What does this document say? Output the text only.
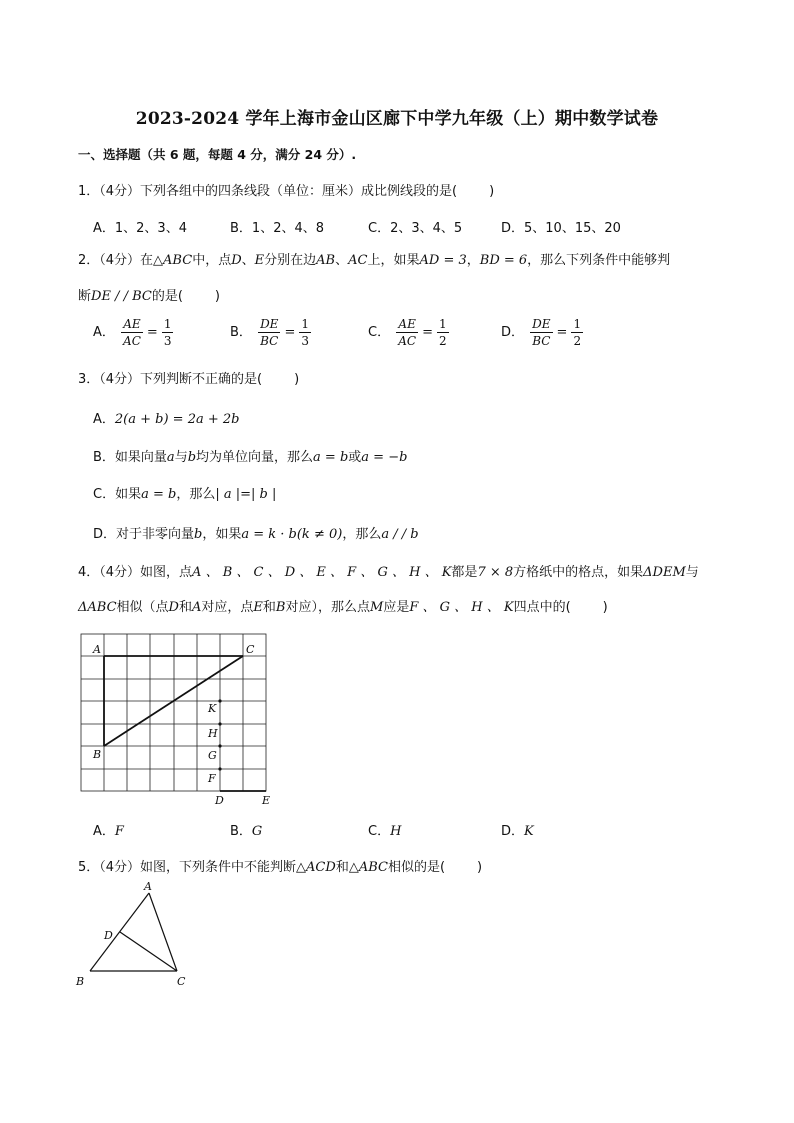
2023-2024 学年上海市金山区廊下中学九年级（上）期中数学试卷
一、选择题（共 6 题，每题 4 分，满分 24 分）.
1．（4分）下列各组中的四条线段（单位：厘米）成比例线段的是( )
A．1、2、3、4	B．1、2、4、8	C．2、3、4、5	D．5、10、15、20
2．（4分）在△ABC中，点D、E分别在边AB、AC上，如果AD = 3，BD = 6，那么下列条件中能够判
断DE / / BC的是( )
A． $\frac{AE}{AC} = \frac{1}{3}$	B． $\frac{DE}{BC} = \frac{1}{3}$	C． $\frac{AE}{AC} = \frac{1}{2}$	D． $\frac{DE}{BC} = \frac{1}{2}$
3．（4分）下列判断不正确的是( )
A．2(a + b) = 2a + 2b
B．如果向量a与b均为单位向量，那么a = b或a = −b
C．如果a = b，那么| a |=| b |
D．对于非零向量b，如果a = k · b(k ≠ 0)，那么a / / b
4．（4分）如图，点A 、 B 、 C 、 D 、 E 、 F 、 G 、 H 、 K都是7 × 8方格纸中的格点，如果ΔDEM与
ΔABC相似（点D和A对应，点E和B对应），那么点M应是F 、 G 、 H 、 K四点中的( )
A	C
B
K
H
G
F
D	E
A．F	B．G	C．H	D．K
5．（4分）如图，下列条件中不能判断△ACD和△ABC相似的是( )
A
D
B	C
